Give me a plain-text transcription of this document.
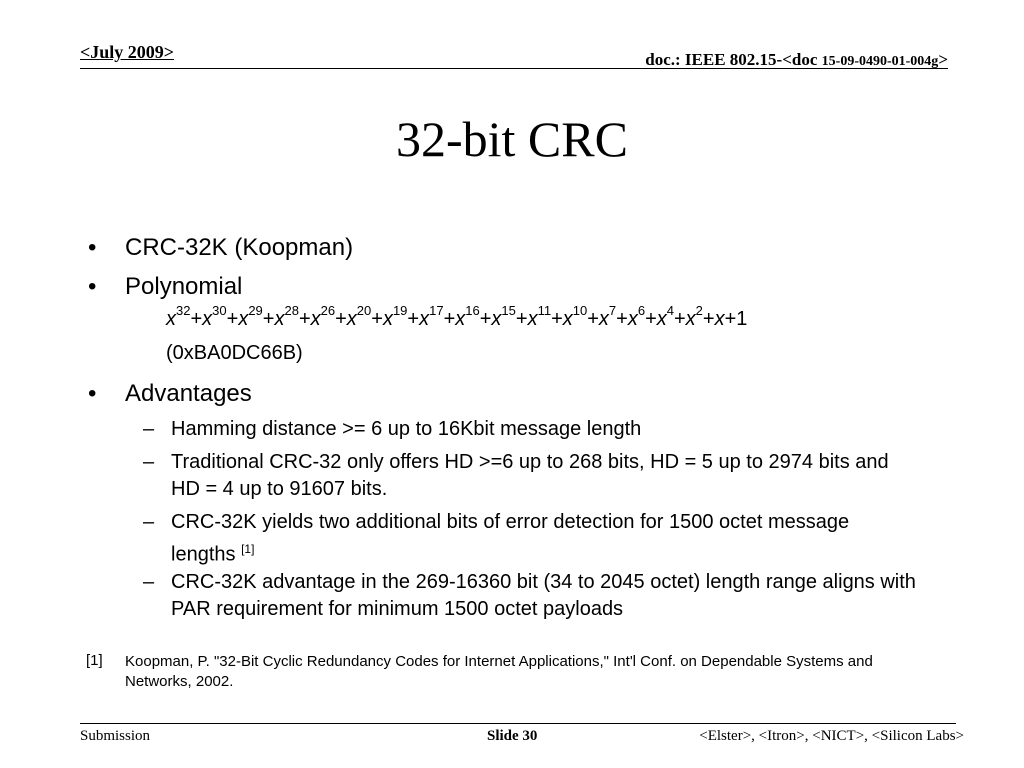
<July 2009>	doc.: IEEE 802.15-<doc 15-09-0490-01-004g>
32-bit CRC
• CRC-32K (Koopman)
• Polynomial
$x^{32}+x^{30}+x^{29}+x^{28}+x^{26}+x^{20}+x^{19}+x^{17}+x^{16}+x^{15}+x^{11}+x^{10}+x^7+x^6+x^4+x^2+x+1$
(0xBA0DC66B)
• Advantages
– Hamming distance >= 6 up to 16Kbit message length
– Traditional CRC-32 only offers HD >=6 up to 268 bits, HD = 5 up to 2974 bits and HD = 4 up to 91607 bits.
– CRC-32K yields two additional bits of error detection for 1500 octet message lengths [1]
– CRC-32K advantage in the 269-16360 bit (34 to 2045 octet) length range aligns with PAR requirement for minimum 1500 octet payloads
[1] Koopman, P. "32-Bit Cyclic Redundancy Codes for Internet Applications," Int'l Conf. on Dependable Systems and Networks, 2002.
Submission	Slide 30	<Elster>, <Itron>, <NICT>, <Silicon Labs>
